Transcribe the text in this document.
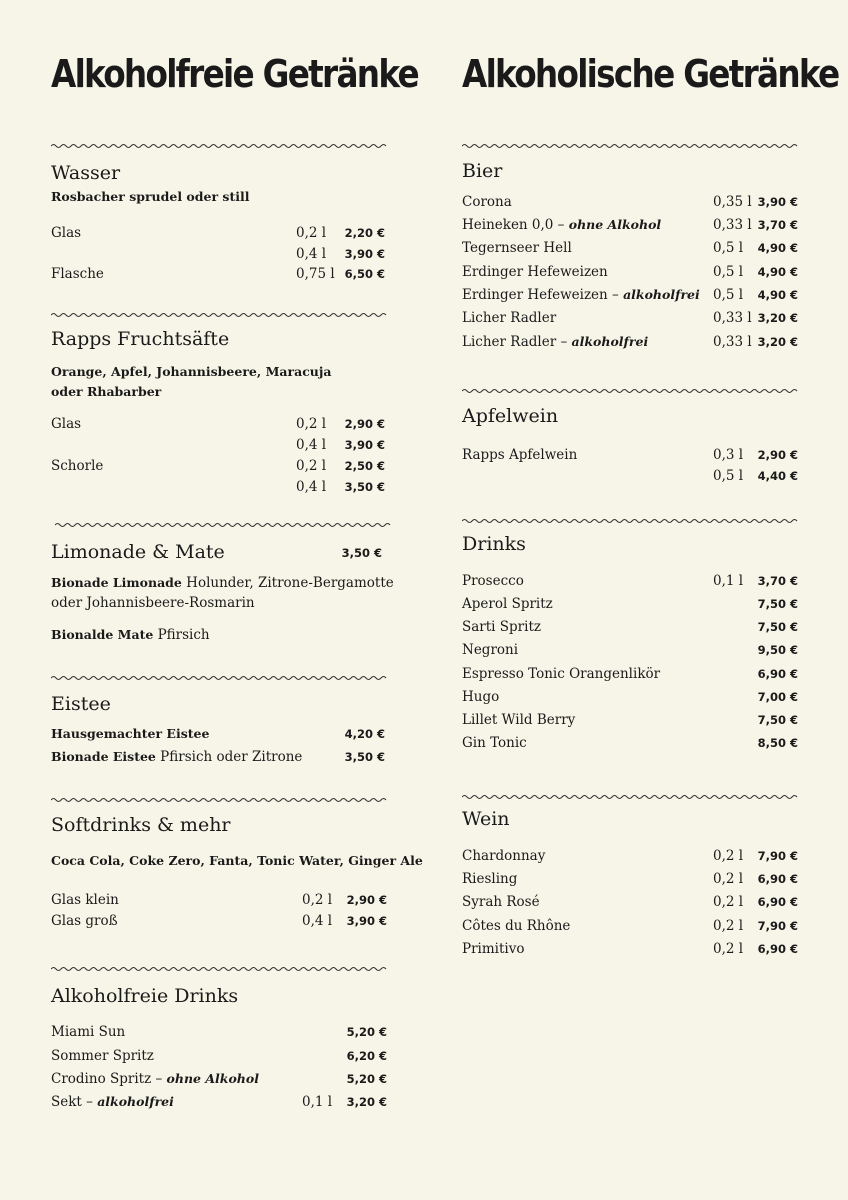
Alkoholfreie Getränke
Wasser
Rosbacher sprudel oder still
Glas	0,2 l 2,20 €
0,4 l 3,90 €
Flasche	0,75 l 6,50 €
Rapps Fruchtsäfte
Orange, Apfel, Johannisbeere, Maracuja oder Rhabarber
Glas	0,2 l 2,90 €
0,4 l 3,90 €
Schorle	0,2 l 2,50 €
0,4 l 3,50 €
Limonade & Mate	3,50 €
Bionade Limonade Holunder, Zitrone-Bergamotte oder Johannisbeere-Rosmarin
Bionalde Mate Pfirsich
Eistee
Hausgemachter Eistee	4,20 €
Bionade Eistee Pfirsich oder Zitrone	3,50 €
Softdrinks & mehr
Coca Cola, Coke Zero, Fanta, Tonic Water, Ginger Ale
Glas klein	0,2 l 2,90 €
Glas groß	0,4 l 3,90 €
Alkoholfreie Drinks
Miami Sun	5,20 €
Sommer Spritz	6,20 €
Crodino Spritz – ohne Alkohol	5,20 €
Sekt – alkoholfrei	0,1 l 3,20 €
Alkoholische Getränke
Bier
Corona	0,35 l 3,90 €
Heineken 0,0 – ohne Alkohol	0,33 l 3,70 €
Tegernseer Hell	0,5 l 4,90 €
Erdinger Hefeweizen	0,5 l 4,90 €
Erdinger Hefeweizen – alkoholfrei 0,5 l 4,90 €
Licher Radler	0,33 l 3,20 €
Licher Radler – alkoholfrei	0,33 l 3,20 €
Apfelwein
Rapps Apfelwein	0,3 l 2,90 €
0,5 l 4,40 €
Drinks
Prosecco	0,1 l 3,70 €
Aperol Spritz	7,50 €
Sarti Spritz	7,50 €
Negroni	9,50 €
Espresso Tonic Orangenlikör	6,90 €
Hugo	7,00 €
Lillet Wild Berry	7,50 €
Gin Tonic	8,50 €
Wein
Chardonnay	0,2 l 7,90 €
Riesling	0,2 l 6,90 €
Syrah Rosé	0,2 l 6,90 €
Côtes du Rhône	0,2 l 7,90 €
Primitivo	0,2 l 6,90 €
